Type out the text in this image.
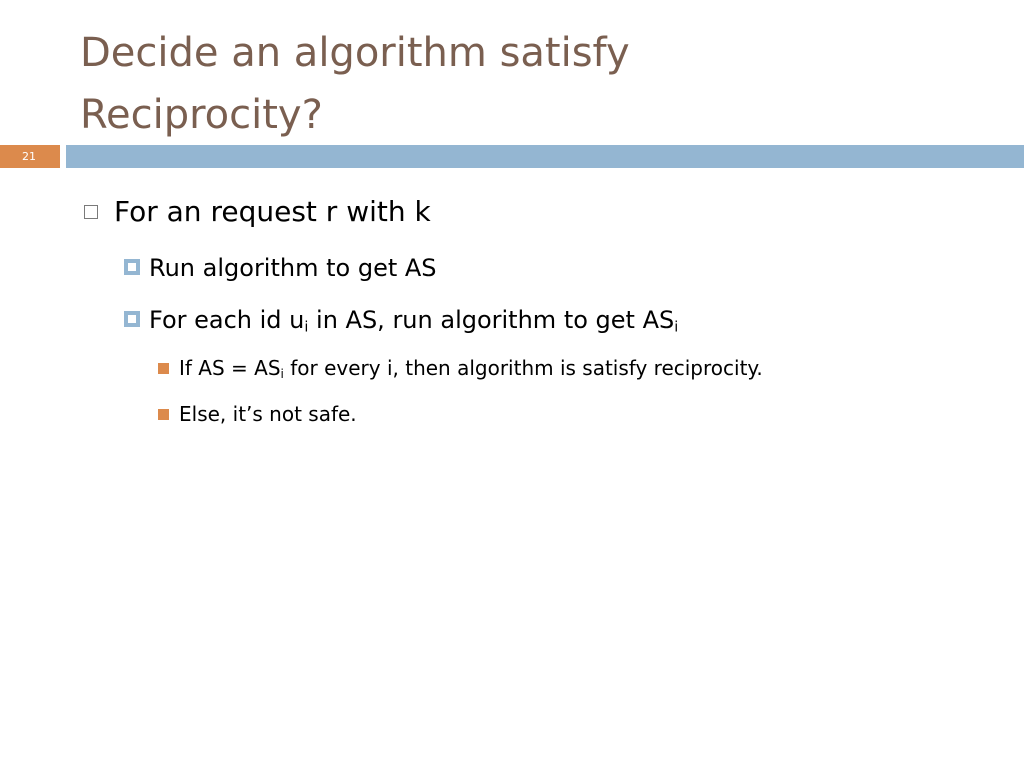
Decide an algorithm satisfy
Reciprocity?
21
For an request r with k
Run algorithm to get AS
For each id $u_i$ in AS, run algorithm to get $AS_i$
If AS = $AS_i$ for every i, then algorithm is satisfy reciprocity.
Else, it’s not safe.
